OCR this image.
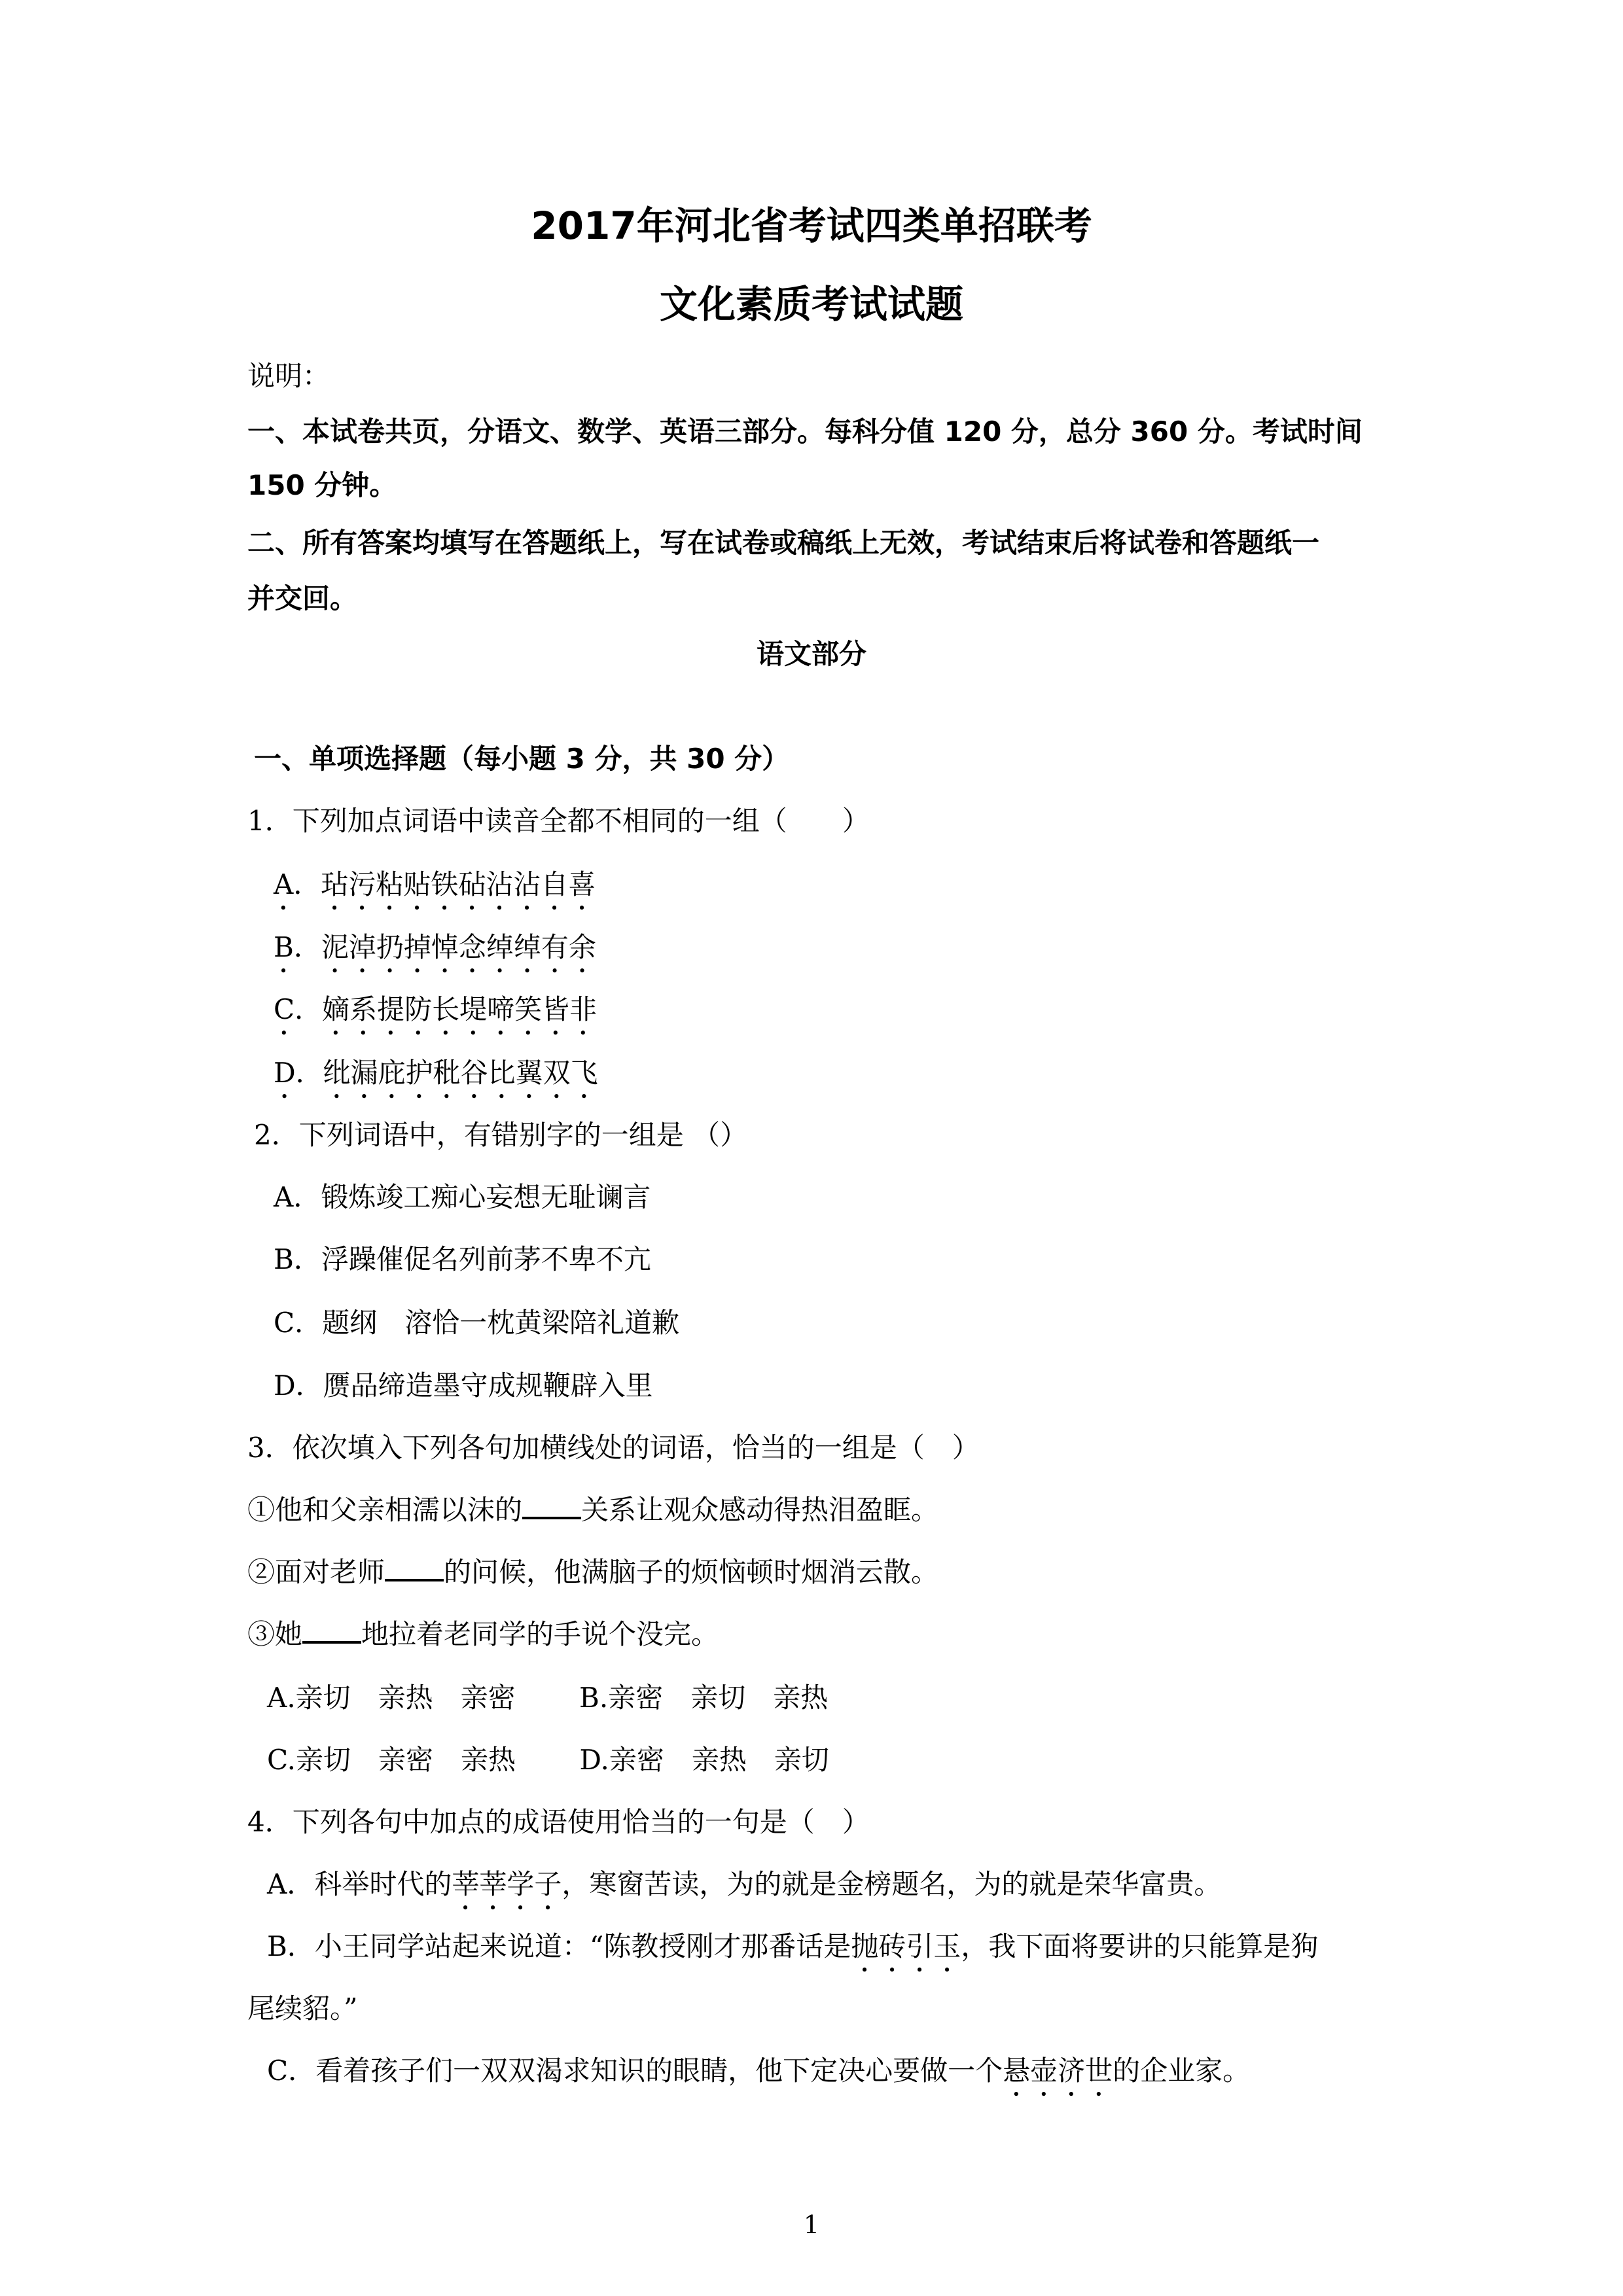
2017年河北省考试四类单招联考
文化素质考试试题
说明：
一、本试卷共页，分语文、数学、英语三部分。每科分值 120 分，总分 360 分。考试时间
150 分钟。
二、所有答案均填写在答题纸上，写在试卷或稿纸上无效，考试结束后将试卷和答题纸一
并交回。
语文部分
一、单项选择题（每小题 3 分，共 30 分）
1．下列加点词语中读音全都不相同的一组（　　）
A．玷污粘贴铁砧沾沾自喜
B．泥淖扔掉悼念绰绰有余
C．嫡系提防长堤啼笑皆非
D．纰漏庇护秕谷比翼双飞
2．下列词语中，有错别字的一组是 （）
A．锻炼竣工痴心妄想无耻谰言
B．浮躁催促名列前茅不卑不亢
C．题纲　溶恰一枕黄梁陪礼道歉
D．赝品缔造墨守成规鞭辟入里
3．依次填入下列各句加横线处的词语，恰当的一组是（　）
①他和父亲相濡以沫的 关系让观众感动得热泪盈眶。
②面对老师 的问候，他满脑子的烦恼顿时烟消云散。
③她 地拉着老同学的手说个没完。
A.亲切　亲热　亲密　　 B.亲密　亲切　亲热
C.亲切　亲密　亲热　　 D.亲密　亲热　亲切
4．下列各句中加点的成语使用恰当的一句是（　）
A．科举时代的莘莘学子，寒窗苦读，为的就是金榜题名，为的就是荣华富贵。
B．小王同学站起来说道：“陈教授刚才那番话是抛砖引玉，我下面将要讲的只能算是狗
尾续貂。”
C．看着孩子们一双双渴求知识的眼睛，他下定决心要做一个悬壶济世的企业家。
1
